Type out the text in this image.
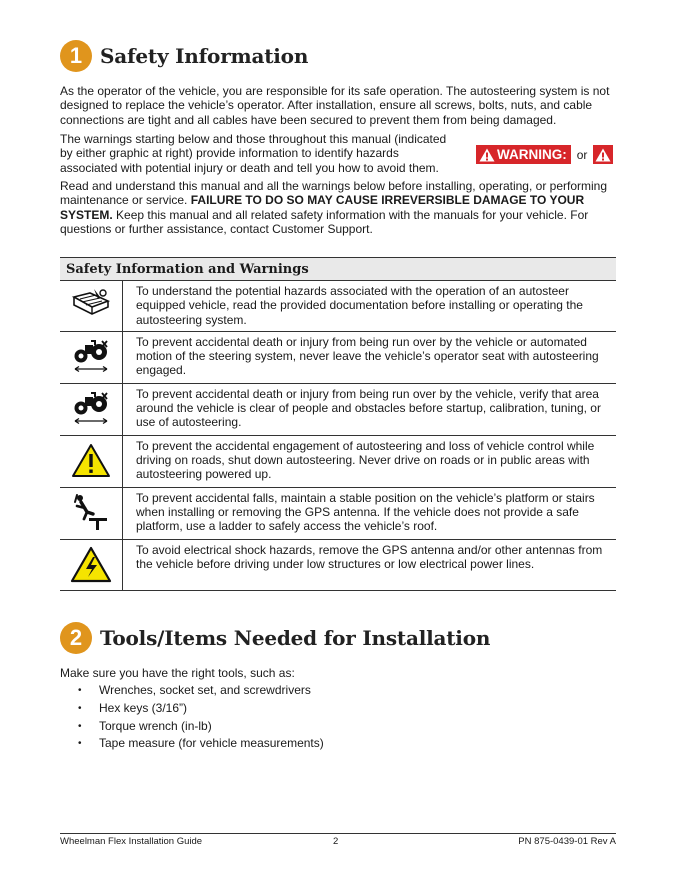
1 Safety Information

As the operator of the vehicle, you are responsible for its safe operation. The autosteering system is not designed to replace the vehicle’s operator. After installation, ensure all screws, bolts, nuts, and cable connections are tight and all cables have been secured to prevent them from being damaged.

The warnings starting below and those throughout this manual (indicated by either graphic at right) provide information to identify hazards associated with potential injury or death and tell you how to avoid them.

WARNING: or

Read and understand this manual and all the warnings below before installing, operating, or performing maintenance or service. FAILURE TO DO SO MAY CAUSE IRREVERSIBLE DAMAGE TO YOUR SYSTEM. Keep this manual and all related safety information with the manuals for your vehicle. For questions or further assistance, contact Customer Support.

Safety Information and Warnings	
	To understand the potential hazards associated with the operation of an autosteer equipped vehicle, read the provided documentation before installing or operating the autosteering system.
	To prevent accidental death or injury from being run over by the vehicle or automated motion of the steering system, never leave the vehicle’s operator seat with autosteering engaged.
	To prevent accidental death or injury from being run over by the vehicle, verify that area around the vehicle is clear of people and obstacles before startup, calibration, tuning, or use of autosteering.
	To prevent the accidental engagement of autosteering and loss of vehicle control while driving on roads, shut down autosteering. Never drive on roads or in public areas with autosteering powered up.
	To prevent accidental falls, maintain a stable position on the vehicle’s platform or stairs when installing or removing the GPS antenna. If the vehicle does not provide a safe platform, use a ladder to safely access the vehicle’s roof.
	To avoid electrical shock hazards, remove the GPS antenna and/or other antennas from the vehicle before driving under low structures or low electrical power lines.
2 Tools/Items Needed for Installation

Make sure you have the right tools, such as:

• Wrenches, socket set, and screwdrivers
• Hex keys (3/16”)
• Torque wrench (in-lb)
• Tape measure (for vehicle measurements)
Wheelman Flex Installation Guide	2	PN 875-0439-01 Rev A
